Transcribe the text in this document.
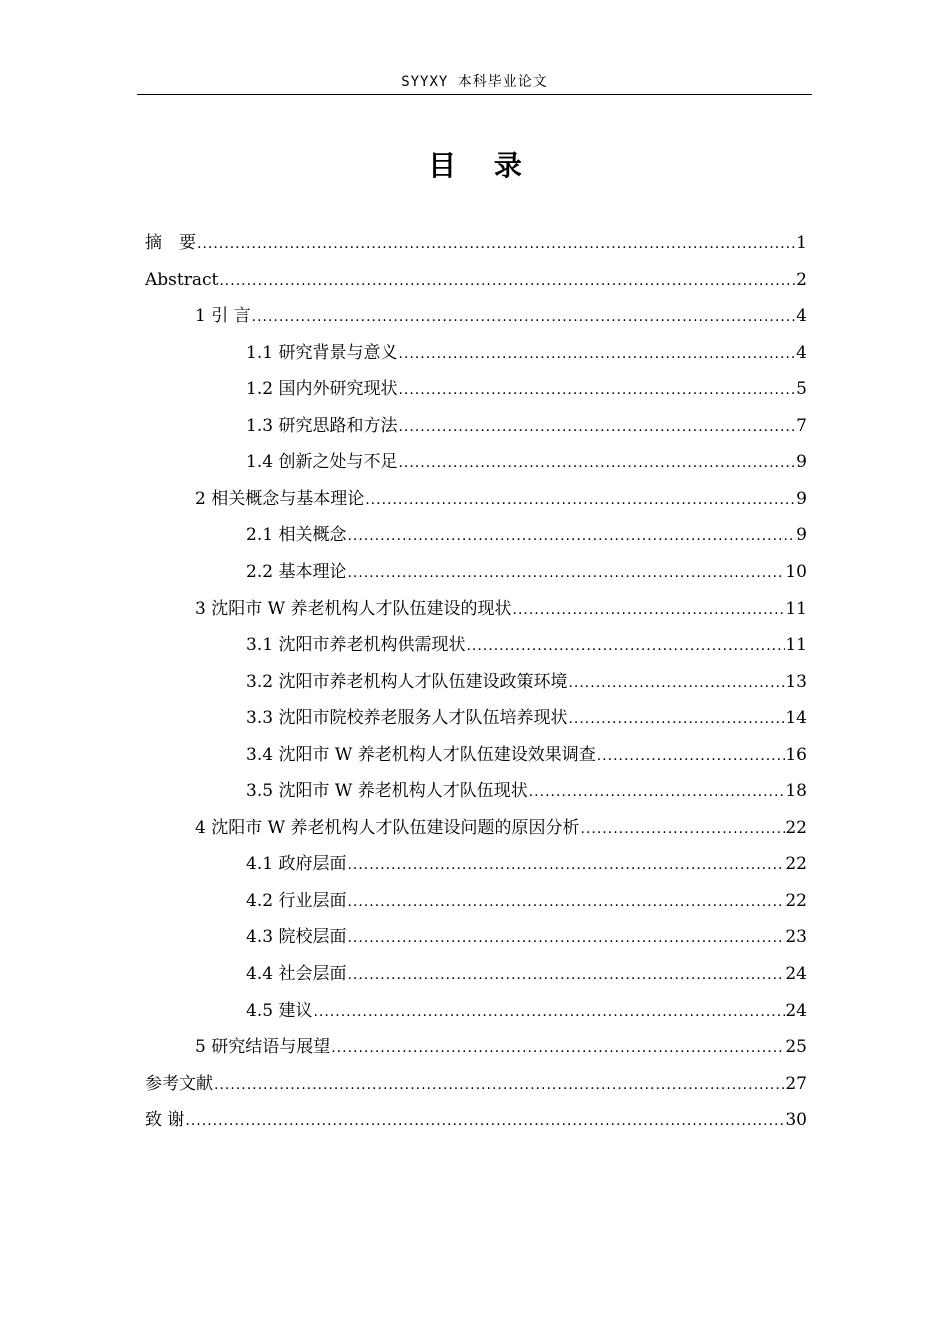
SYYXY 本科毕业论文
目 录
摘　要 .....	1
Abstract .....	2
1 引 言 .....	4
1.1 研究背景与意义 .....	4
1.2 国内外研究现状 .....	5
1.3 研究思路和方法 .....	7
1.4 创新之处与不足 .....	9
2 相关概念与基本理论 .....	9
2.1 相关概念 .....	9
2.2 基本理论 .....	10
3 沈阳市 W 养老机构人才队伍建设的现状 .....	11
3.1 沈阳市养老机构供需现状 .....	11
3.2 沈阳市养老机构人才队伍建设政策环境 .....	13
3.3 沈阳市院校养老服务人才队伍培养现状 .....	14
3.4 沈阳市 W 养老机构人才队伍建设效果调查 .....	16
3.5 沈阳市 W 养老机构人才队伍现状 .....	18
4 沈阳市 W 养老机构人才队伍建设问题的原因分析 .....	22
4.1 政府层面 .....	22
4.2 行业层面 .....	22
4.3 院校层面 .....	23
4.4 社会层面 .....	24
4.5 建议 .....	24
5 研究结语与展望 .....	25
参考文献 .....	27
致 谢 .....	30
